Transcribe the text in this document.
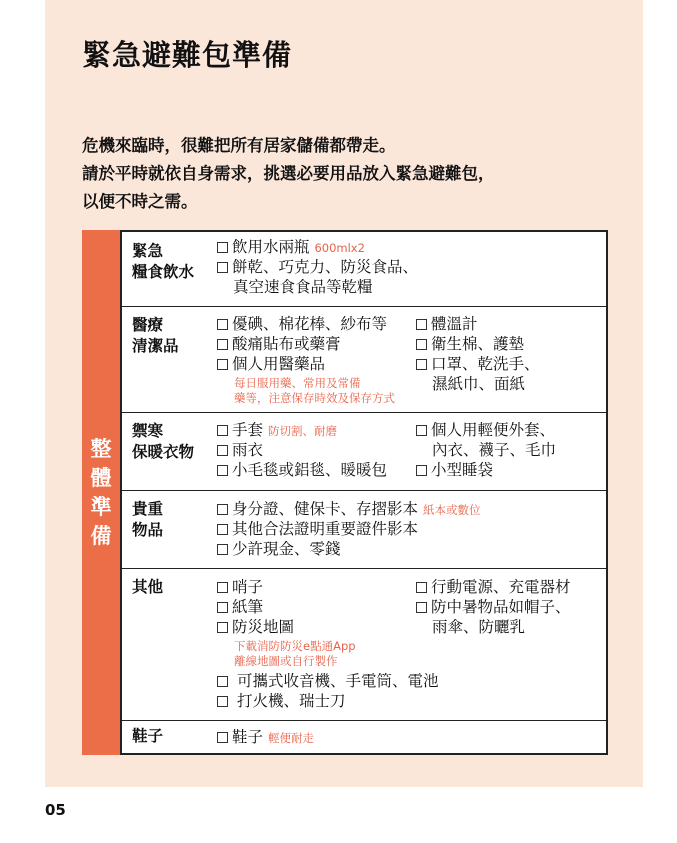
緊急避難包準備
危機來臨時，很難把所有居家儲備都帶走。
請於平時就依自身需求，挑選必要用品放入緊急避難包，
以便不時之需。
整
體
準
備
緊急
糧食飲水
飲用水兩瓶 600mlx2
餅乾、巧克力、防災食品、
真空速食食品等乾糧
醫療
清潔品
優碘、棉花棒、紗布等
酸痛貼布或藥膏
個人用醫藥品
每日服用藥、常用及常備
藥等，注意保存時效及保存方式
體溫計
衛生棉、護墊
口罩、乾洗手、
濕紙巾、面紙
禦寒
保暖衣物
手套 防切割、耐磨
雨衣
小毛毯或鋁毯、暖暖包
個人用輕便外套、
內衣、襪子、毛巾
小型睡袋
貴重
物品
身分證、健保卡、存摺影本 紙本或數位
其他合法證明重要證件影本
少許現金、零錢
其他	哨子
紙筆
防災地圖
下載消防防災e點通App
離線地圖或自行製作
可攜式收音機、手電筒、電池
打火機、瑞士刀
行動電源、充電器材
防中暑物品如帽子、
雨傘、防曬乳
鞋子	鞋子 輕便耐走
05
